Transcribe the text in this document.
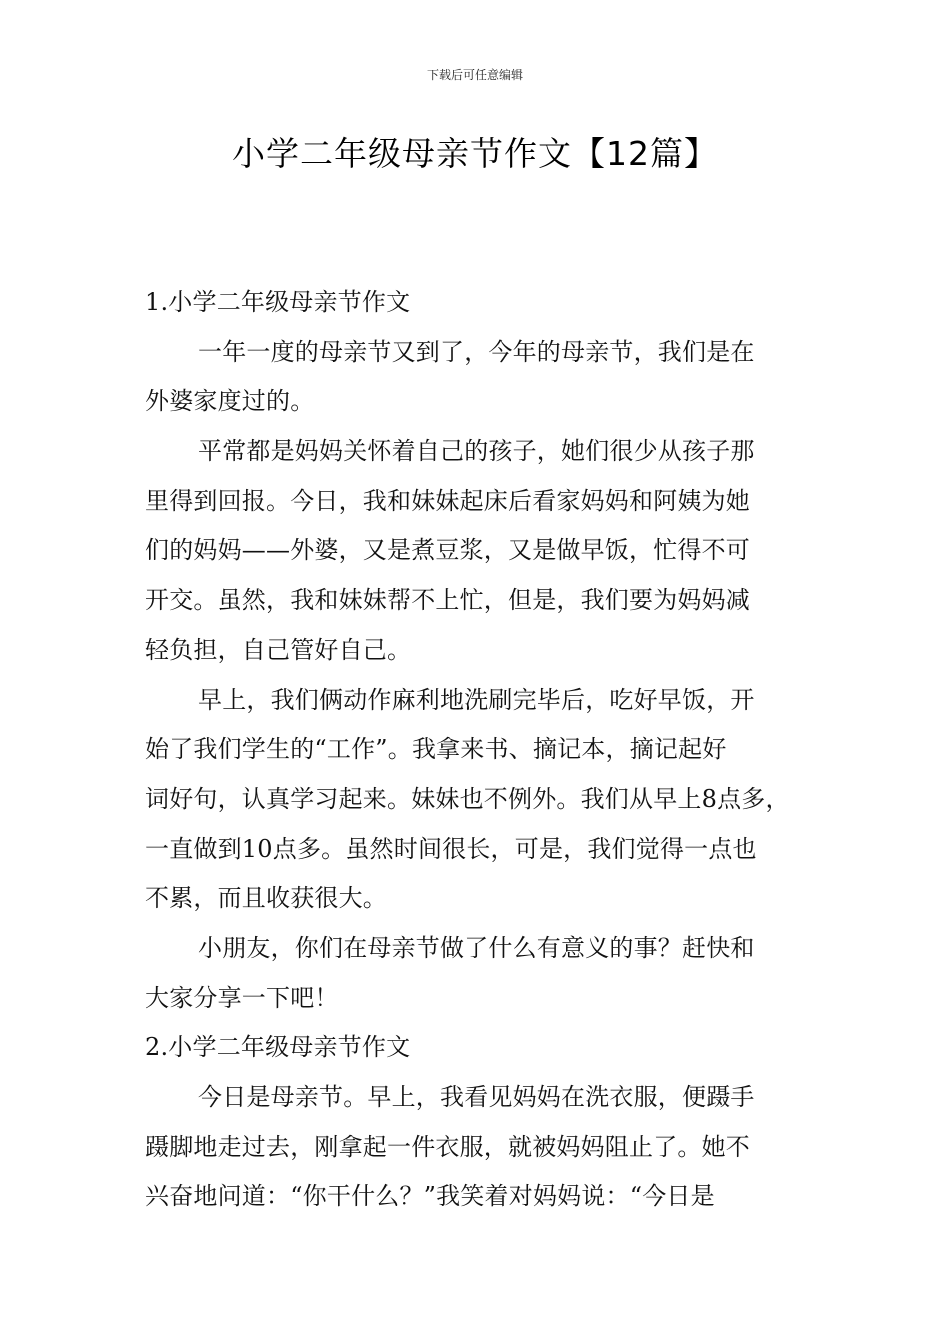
下载后可任意编辑
小学二年级母亲节作文【12篇】
1.小学二年级母亲节作文
一年一度的母亲节又到了，今年的母亲节，我们是在
外婆家度过的。
平常都是妈妈关怀着自己的孩子，她们很少从孩子那
里得到回报。今日，我和妹妹起床后看家妈妈和阿姨为她
们的妈妈——外婆，又是煮豆浆，又是做早饭，忙得不可
开交。虽然，我和妹妹帮不上忙，但是，我们要为妈妈减
轻负担，自己管好自己。
早上，我们俩动作麻利地洗刷完毕后，吃好早饭，开
始了我们学生的“工作”。我拿来书、摘记本，摘记起好
词好句，认真学习起来。妹妹也不例外。我们从早上8点多，
一直做到10点多。虽然时间很长，可是，我们觉得一点也
不累，而且收获很大。
小朋友，你们在母亲节做了什么有意义的事？赶快和
大家分享一下吧！
2.小学二年级母亲节作文
今日是母亲节。早上，我看见妈妈在洗衣服，便蹑手
蹑脚地走过去，刚拿起一件衣服，就被妈妈阻止了。她不
兴奋地问道：“你干什么？”我笑着对妈妈说：“今日是
